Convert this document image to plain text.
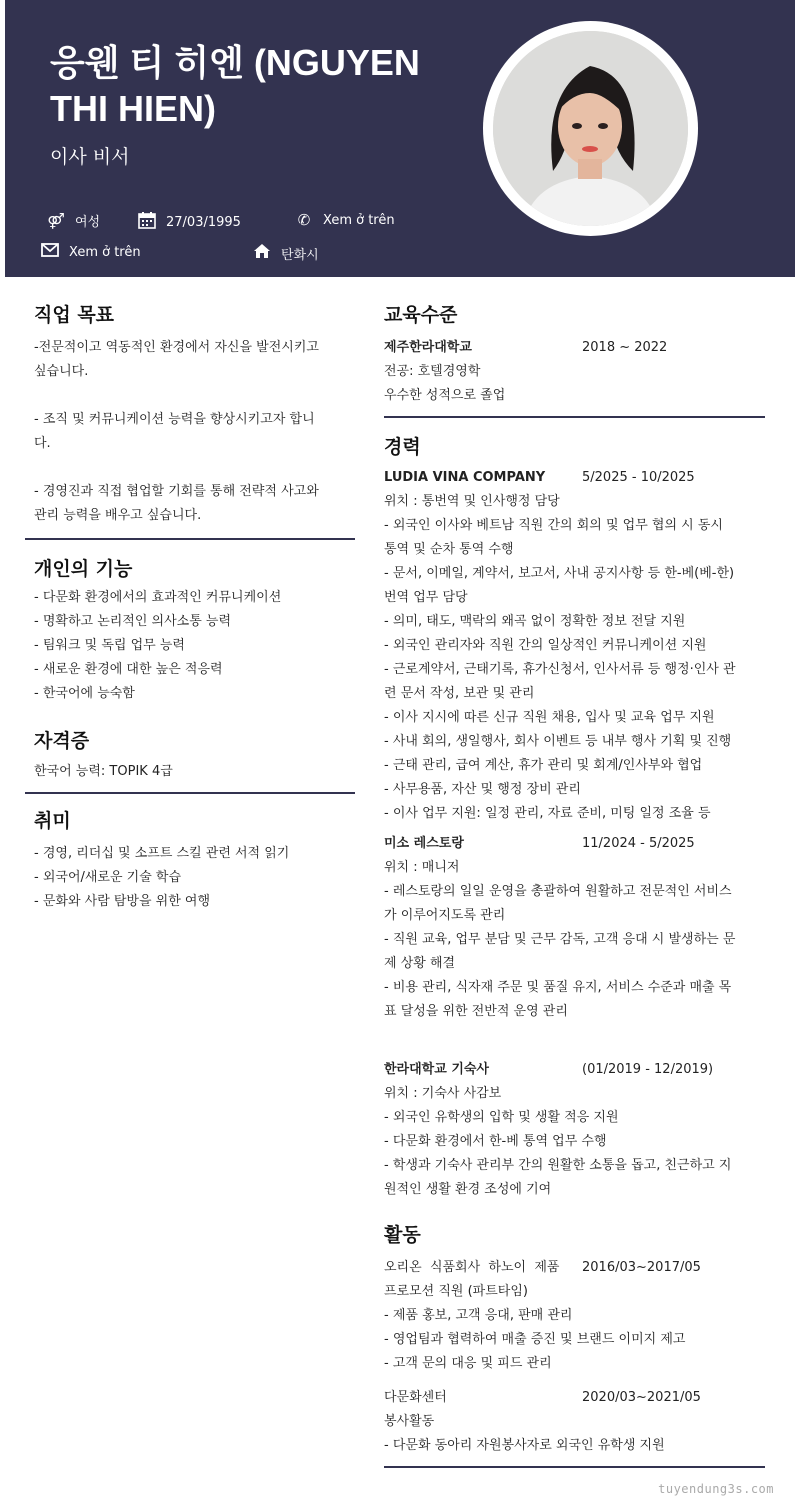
응웬 티 히엔 (NGUYEN THI HIEN)
이사 비서
⚤ 여성	27/03/1995	✆ Xem ở trên
Xem ở trên	탄화시
직업 목표
-전문적이고 역동적인 환경에서 자신을 발전시키고
싶습니다.
- 조직 및 커뮤니케이션 능력을 향상시키고자 합니
다.
- 경영진과 직접 협업할 기회를 통해 전략적 사고와
관리 능력을 배우고 싶습니다.
개인의 기능
- 다문화 환경에서의 효과적인 커뮤니케이션
- 명확하고 논리적인 의사소통 능력
- 팀워크 및 독립 업무 능력
- 새로운 환경에 대한 높은 적응력
- 한국어에 능숙함
자격증
한국어 능력: TOPIK 4급
취미
- 경영, 리더십 및 소프트 스킬 관련 서적 읽기
- 외국어/새로운 기술 학습
- 문화와 사람 탐방을 위한 여행
교육수준
제주한라대학교	2018 ~ 2022
전공: 호텔경영학
우수한 성적으로 졸업
경력
LUDIA VINA COMPANY	5/2025 - 10/2025
위치 : 통번역 및 인사행정 담당
- 외국인 이사와 베트남 직원 간의 회의 및 업무 협의 시 동시
통역 및 순차 통역 수행
- 문서, 이메일, 계약서, 보고서, 사내 공지사항 등 한-베(베-한)
번역 업무 담당
- 의미, 태도, 맥락의 왜곡 없이 정확한 정보 전달 지원
- 외국인 관리자와 직원 간의 일상적인 커뮤니케이션 지원
- 근로계약서, 근태기록, 휴가신청서, 인사서류 등 행정·인사 관
련 문서 작성, 보관 및 관리
- 이사 지시에 따른 신규 직원 채용, 입사 및 교육 업무 지원
- 사내 회의, 생일행사, 회사 이벤트 등 내부 행사 기획 및 진행
- 근태 관리, 급여 계산, 휴가 관리 및 회계/인사부와 협업
- 사무용품, 자산 및 행정 장비 관리
- 이사 업무 지원: 일정 관리, 자료 준비, 미팅 일정 조율 등
미소 레스토랑	11/2024 - 5/2025
위치 : 매니저
- 레스토랑의 일일 운영을 총괄하여 원활하고 전문적인 서비스
가 이루어지도록 관리
- 직원 교육, 업무 분담 및 근무 감독, 고객 응대 시 발생하는 문
제 상황 해결
- 비용 관리, 식자재 주문 및 품질 유지, 서비스 수준과 매출 목
표 달성을 위한 전반적 운영 관리
한라대학교 기숙사	(01/2019 - 12/2019)
위치 : 기숙사 사감보
- 외국인 유학생의 입학 및 생활 적응 지원
- 다문화 환경에서 한-베 통역 업무 수행
- 학생과 기숙사 관리부 간의 원활한 소통을 돕고, 친근하고 지
원적인 생활 환경 조성에 기여
활동
오리온  식품회사  하노이  제품	2016/03~2017/05
프로모션 직원 (파트타임)
- 제품 홍보, 고객 응대, 판매 관리
- 영업팀과 협력하여 매출 증진 및 브랜드 이미지 제고
- 고객 문의 대응 및 피드 관리
다문화센터	2020/03~2021/05
봉사활동
- 다문화 동아리 자원봉사자로 외국인 유학생 지원
tuyendung3s.com
